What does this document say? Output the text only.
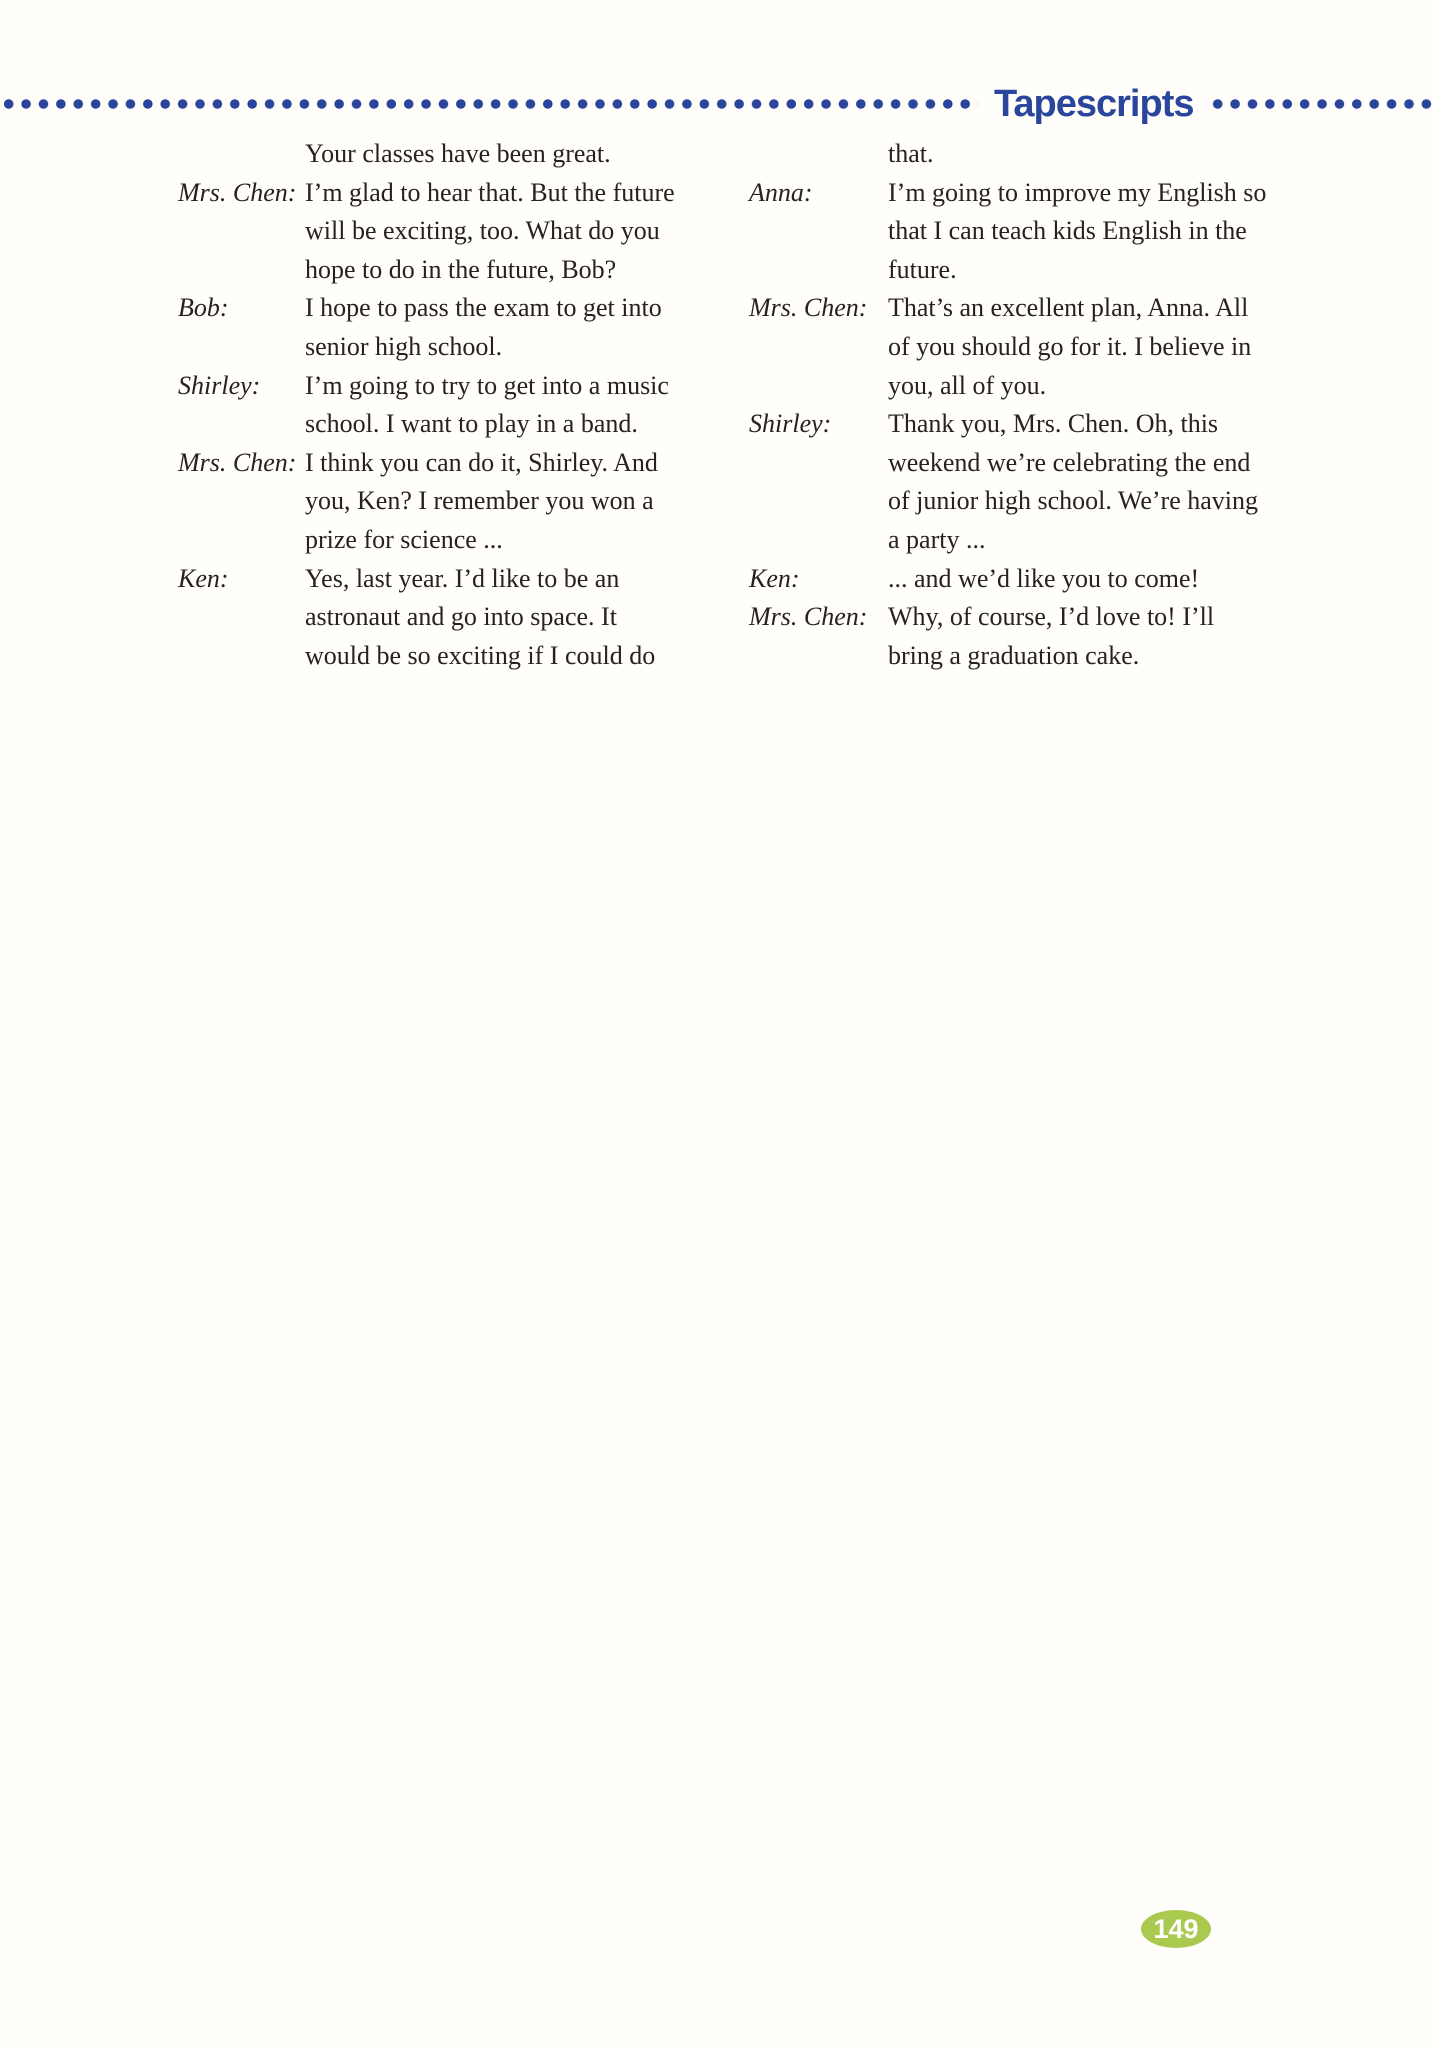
Tapescripts
Your classes have been great.
Mrs. Chen: I’m glad to hear that. But the future
will be exciting, too. What do you
hope to do in the future, Bob?
Bob:	I hope to pass the exam to get into
senior high school.
Shirley:	I’m going to try to get into a music
school. I want to play in a band.
Mrs. Chen: I think you can do it, Shirley. And
you, Ken? I remember you won a
prize for science ...
Ken:	Yes, last year. I’d like to be an
astronaut and go into space. It
would be so exciting if I could do
that.
Anna:	I’m going to improve my English so
that I can teach kids English in the
future.
Mrs. Chen: That’s an excellent plan, Anna. All
of you should go for it. I believe in
you, all of you.
Shirley:	Thank you, Mrs. Chen. Oh, this
weekend we’re celebrating the end
of junior high school. We’re having
a party ...
Ken:	... and we’d like you to come!
Mrs. Chen: Why, of course, I’d love to! I’ll
bring a graduation cake.
149
